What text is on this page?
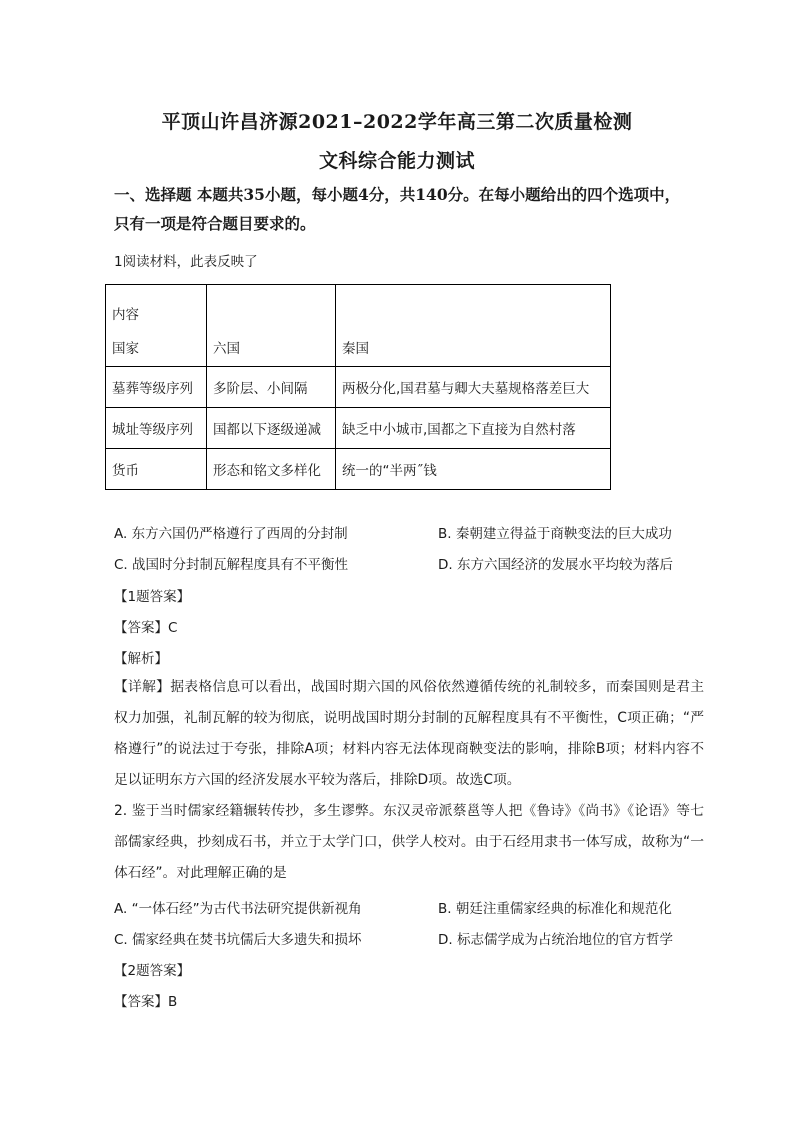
平顶山许昌济源2021–2022学年高三第二次质量检测
文科综合能力测试
一、选择题 本题共35小题，每小题4分，共140分。在每小题给出的四个选项中，
只有一项是符合题目要求的。
1阅读材料，此表反映了
内容
国家	六国	秦国
墓葬等级序列	多阶层、小间隔	两极分化,国君墓与卿大夫墓规格落差巨大
城址等级序列	国都以下逐级递减	缺乏中小城市,国都之下直接为自然村落
货币	形态和铭文多样化	统一的“半两˝钱
A. 东方六国仍严格遵行了西周的分封制	B. 秦朝建立得益于商鞅变法的巨大成功
C. 战国时分封制瓦解程度具有不平衡性	D. 东方六国经济的发展水平均较为落后
【1题答案】
【答案】C
【解析】
【详解】据表格信息可以看出，战国时期六国的风俗依然遵循传统的礼制较多，而秦国则是君主权力加强，礼制瓦解的较为彻底，说明战国时期分封制的瓦解程度具有不平衡性，C项正确；“严格遵行”的说法过于夸张，排除A项；材料内容无法体现商鞅变法的影响，排除B项；材料内容不足以证明东方六国的经济发展水平较为落后，排除D项。故选C项。
2. 鉴于当时儒家经籍辗转传抄，多生谬弊。东汉灵帝派蔡邕等人把《鲁诗》《尚书》《论语》等七部儒家经典，抄刻成石书，并立于太学门口，供学人校对。由于石经用隶书一体写成，故称为“一体石经”。对此理解正确的是
A. “一体石经”为古代书法研究提供新视角	B. 朝廷注重儒家经典的标准化和规范化
C. 儒家经典在焚书坑儒后大多遗失和损坏	D. 标志儒学成为占统治地位的官方哲学
【2题答案】
【答案】B
